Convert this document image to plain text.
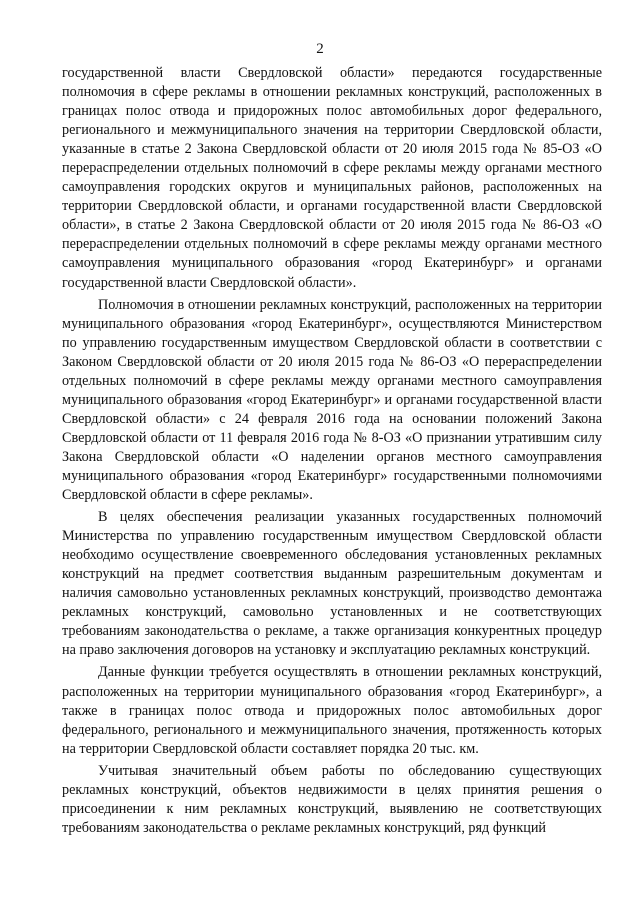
2

государственной власти Свердловской области» передаются государственные полномочия в сфере рекламы в отношении рекламных конструкций, расположенных в границах полос отвода и придорожных полос автомобильных дорог федерального, регионального и межмуниципального значения на территории Свердловской области, указанные в статье 2 Закона Свердловской области от 20 июля 2015 года № 85-ОЗ «О перераспределении отдельных полномочий в сфере рекламы между органами местного самоуправления городских округов и муниципальных районов, расположенных на территории Свердловской области, и органами государственной власти Свердловской области», в статье 2 Закона Свердловской области от 20 июля 2015 года № 86-ОЗ «О перераспределении отдельных полномочий в сфере рекламы между органами местного самоуправления муниципального образования «город Екатеринбург» и органами государственной власти Свердловской области».

Полномочия в отношении рекламных конструкций, расположенных на территории муниципального образования «город Екатеринбург», осуществляются Министерством по управлению государственным имуществом Свердловской области в соответствии с Законом Свердловской области от 20 июля 2015 года № 86-ОЗ «О перераспределении отдельных полномочий в сфере рекламы между органами местного самоуправления муниципального образования «город Екатеринбург» и органами государственной власти Свердловской области» с 24 февраля 2016 года на основании положений Закона Свердловской области от 11 февраля 2016 года № 8-ОЗ «О признании утратившим силу Закона Свердловской области «О наделении органов местного самоуправления муниципального образования «город Екатеринбург» государственными полномочиями Свердловской области в сфере рекламы».

В целях обеспечения реализации указанных государственных полномочий Министерства по управлению государственным имуществом Свердловской области необходимо осуществление своевременного обследования установленных рекламных конструкций на предмет соответствия выданным разрешительным документам и наличия самовольно установленных рекламных конструкций, производство демонтажа рекламных конструкций, самовольно установленных и не соответствующих требованиям законодательства о рекламе, а также организация конкурентных процедур на право заключения договоров на установку и эксплуатацию рекламных конструкций.

Данные функции требуется осуществлять в отношении рекламных конструкций, расположенных на территории муниципального образования «город Екатеринбург», а также в границах полос отвода и придорожных полос автомобильных дорог федерального, регионального и межмуниципального значения, протяженность которых на территории Свердловской области составляет порядка 20 тыс. км.

Учитывая значительный объем работы по обследованию существующих рекламных конструкций, объектов недвижимости в целях принятия решения о присоединении к ним рекламных конструкций, выявлению не соответствующих требованиям законодательства о рекламе рекламных конструкций, ряд функций
